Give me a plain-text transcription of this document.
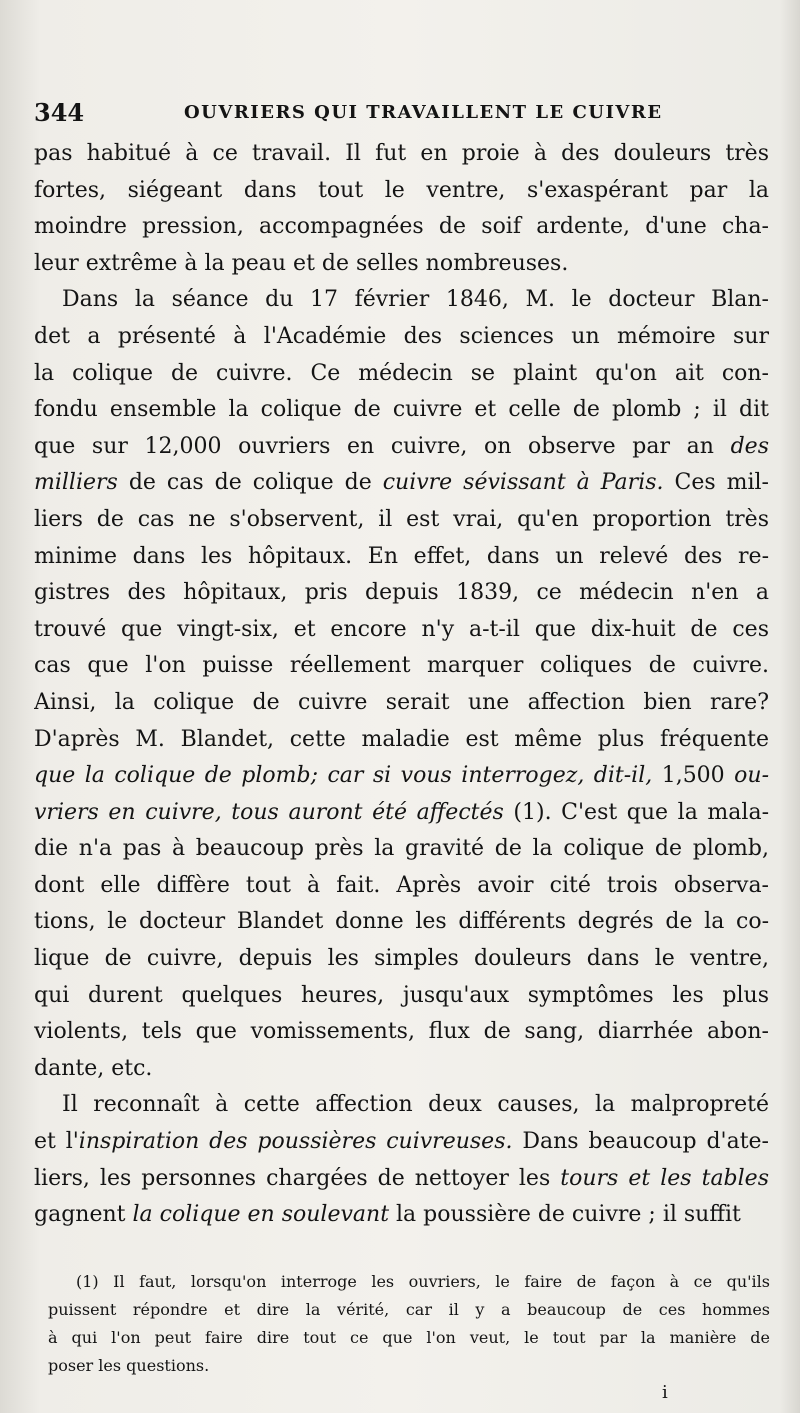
344	OUVRIERS QUI TRAVAILLENT LE CUIVRE
pas habitué à ce travail. Il fut en proie à des douleurs très
fortes, siégeant dans tout le ventre, s'exaspérant par la
moindre pression, accompagnées de soif ardente, d'une cha-
leur extrême à la peau et de selles nombreuses.
Dans la séance du 17 février 1846, M. le docteur Blan-
det a présenté à l'Académie des sciences un mémoire sur
la colique de cuivre. Ce médecin se plaint qu'on ait con-
fondu ensemble la colique de cuivre et celle de plomb ; il dit
que sur 12,000 ouvriers en cuivre, on observe par an des
milliers de cas de colique de cuivre sévissant à Paris. Ces mil-
liers de cas ne s'observent, il est vrai, qu'en proportion très
minime dans les hôpitaux. En effet, dans un relevé des re-
gistres des hôpitaux, pris depuis 1839, ce médecin n'en a
trouvé que vingt-six, et encore n'y a-t-il que dix-huit de ces
cas que l'on puisse réellement marquer coliques de cuivre.
Ainsi, la colique de cuivre serait une affection bien rare?
D'après M. Blandet, cette maladie est même plus fréquente
que la colique de plomb; car si vous interrogez, dit-il, 1,500 ou-
vriers en cuivre, tous auront été affectés (1). C'est que la mala-
die n'a pas à beaucoup près la gravité de la colique de plomb,
dont elle diffère tout à fait. Après avoir cité trois observa-
tions, le docteur Blandet donne les différents degrés de la co-
lique de cuivre, depuis les simples douleurs dans le ventre,
qui durent quelques heures, jusqu'aux symptômes les plus
violents, tels que vomissements, flux de sang, diarrhée abon-
dante, etc.
Il reconnaît à cette affection deux causes, la malpropreté
et l'inspiration des poussières cuivreuses. Dans beaucoup d'ate-
liers, les personnes chargées de nettoyer les tours et les tables
gagnent la colique en soulevant la poussière de cuivre ; il suffit
(1) Il faut, lorsqu'on interroge les ouvriers, le faire de façon à ce qu'ils
puissent répondre et dire la vérité, car il y a beaucoup de ces hommes
à qui l'on peut faire dire tout ce que l'on veut, le tout par la manière de
poser les questions.
i
